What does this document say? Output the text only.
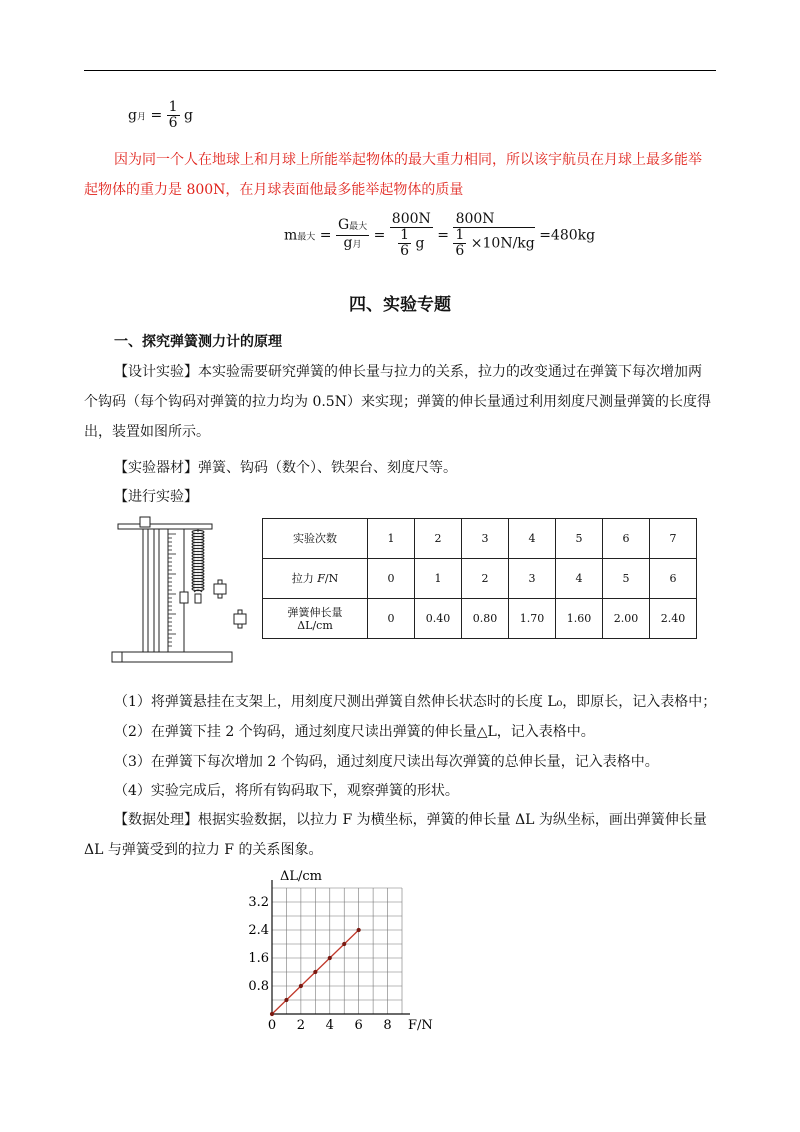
g月 = $\frac{1}{6}$ g
因为同一个人在地球上和月球上所能举起物体的最大重力相同，所以该宇航员在月球上最多能举
起物体的重力是 800N，在月球表面他最多能举起物体的质量
m最大 = $\frac{\text{G最大}}{\text{g月}} = \frac{800N}{\frac{1}{6} g} = \frac{800N}{\frac{1}{6} \times 10N/kg} =480kg$
四、实验专题
一、探究弹簧测力计的原理
【设计实验】本实验需要研究弹簧的伸长量与拉力的关系，拉力的改变通过在弹簧下每次增加两
个钩码（每个钩码对弹簧的拉力均为 0.5N）来实现；弹簧的伸长量通过利用刻度尺测量弹簧的长度得
出，装置如图所示。
【实验器材】弹簧、钩码（数个）、铁架台、刻度尺等。
【进行实验】
实验次数	1	2	3	4	5	6	7
拉力 F/N	0	1	2	3	4	5	6
弹簧伸长量
ΔL/cm	0	0.40	0.80	1.70	1.60	2.00	2.40
（1）将弹簧悬挂在支架上，用刻度尺测出弹簧自然伸长状态时的长度 L₀，即原长，记入表格中；
（2）在弹簧下挂 2 个钩码，通过刻度尺读出弹簧的伸长量△L，记入表格中。
（3）在弹簧下每次增加 2 个钩码，通过刻度尺读出每次弹簧的总伸长量，记入表格中。
（4）实验完成后，将所有钩码取下，观察弹簧的形状。
【数据处理】根据实验数据，以拉力 F 为横坐标，弹簧的伸长量 ΔL 为纵坐标，画出弹簧伸长量
ΔL 与弹簧受到的拉力 F 的关系图象。
0 2 4 6 8
0.8
1.6
2.4
3.2
ΔL/cm
F/N
